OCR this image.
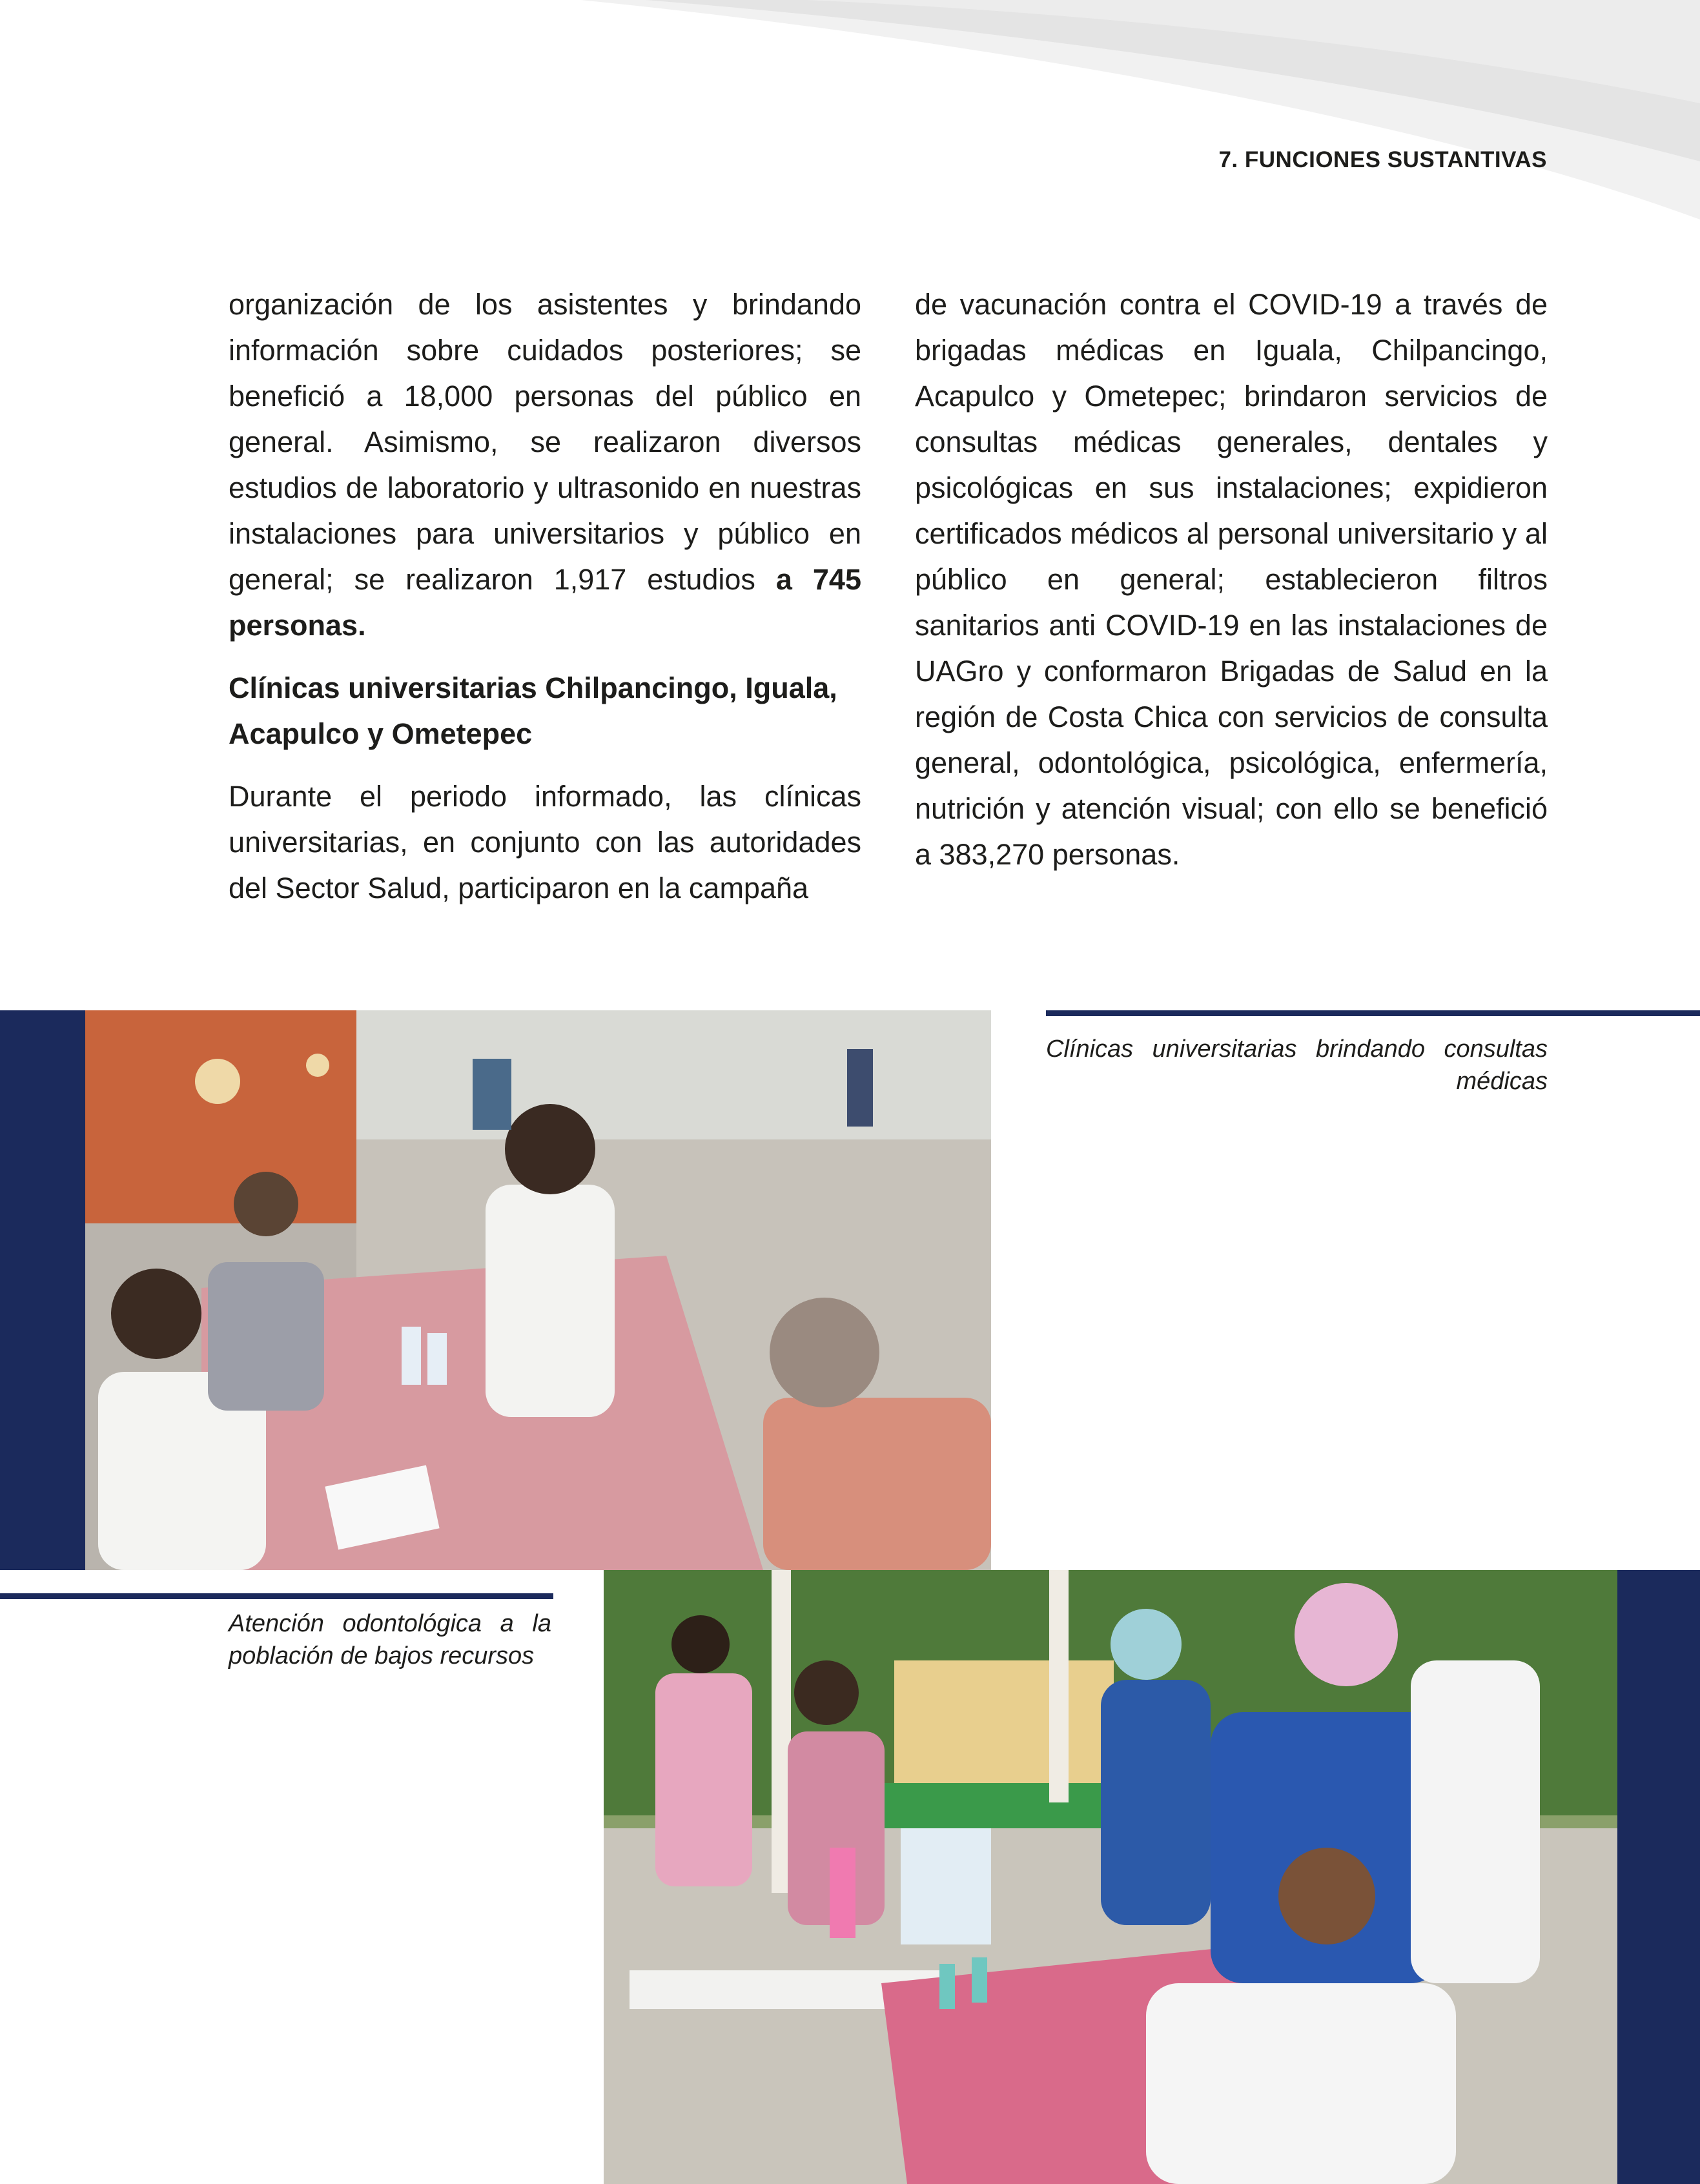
7. FUNCIONES SUSTANTIVAS

organización de los asistentes y brindando información sobre cuidados posteriores; se benefició a 18,000 personas del público en general. Asimismo, se realizaron diversos estudios de laboratorio y ultrasonido en nuestras instalaciones para universitarios y público en general; se realizaron 1,917 estudios a 745 personas.

Clínicas universitarias Chilpancingo, Iguala, Acapulco y Ometepec

Durante el periodo informado, las clínicas universitarias, en conjunto con las autoridades del Sector Salud, participaron en la campaña

de vacunación contra el COVID-19 a través de brigadas médicas en Iguala, Chilpancingo, Acapulco y Ometepec; brindaron servicios de consultas médicas generales, dentales y psicológicas en sus instalaciones; expidieron certificados médicos al personal universitario y al público en general; establecieron filtros sanitarios anti COVID-19 en las instalaciones de UAGro y conformaron Brigadas de Salud en la región de Costa Chica con servicios de consulta general, odontológica, psicológica, enfermería, nutrición y atención visual; con ello se benefició a 383,270 personas.

Clínicas universitarias brindando consultas médicas
Atención odontológica a la población de bajos recursos
